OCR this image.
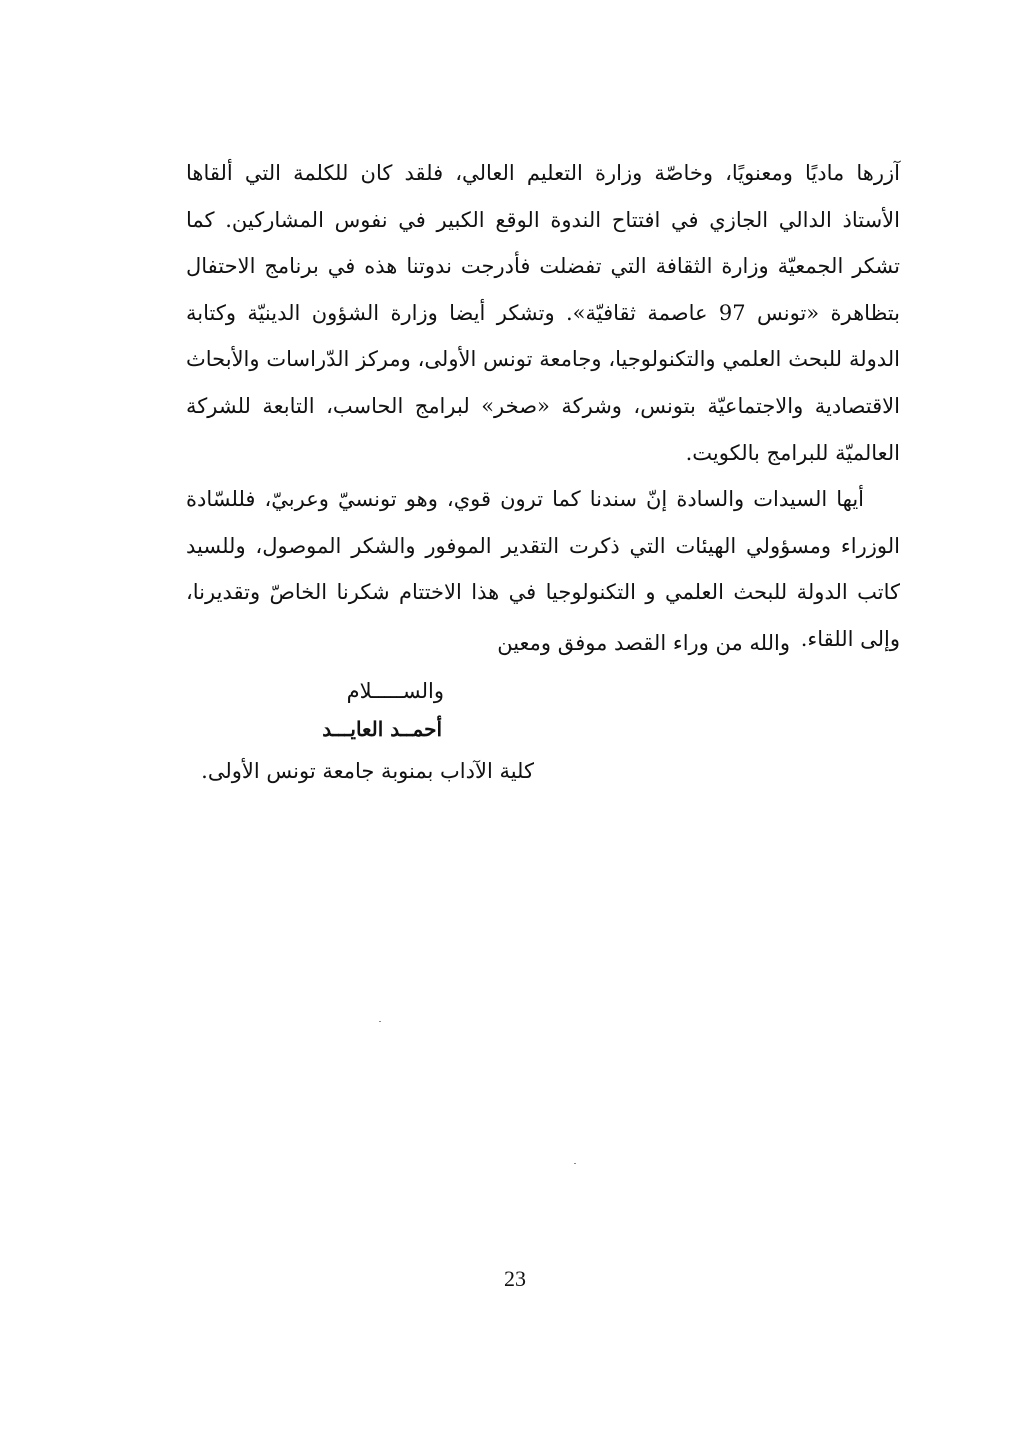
آزرها ماديًا ومعنويًا، وخاصّة وزارة التعليم العالي، فلقد كان للكلمة التي ألقاها الأستاذ الدالي الجازي في افتتاح الندوة الوقع الكبير في نفوس المشاركين. كما تشكر الجمعيّة وزارة الثقافة التي تفضلت فأدرجت ندوتنا هذه في برنامج الاحتفال بتظاهرة «تونس 97 عاصمة ثقافيّة». وتشكر أيضا وزارة الشؤون الدينيّة وكتابة الدولة للبحث العلمي والتكنولوجيا، وجامعة تونس الأولى، ومركز الدّراسات والأبحاث الاقتصادية والاجتماعيّة بتونس، وشركة «صخر» لبرامج الحاسب، التابعة للشركة العالميّة للبرامج بالكويت.

أيها السيدات والسادة إنّ سندنا كما ترون قوي، وهو تونسيّ وعربيّ، فللسّادة الوزراء ومسؤولي الهيئات التي ذكرت التقدير الموفور والشكر الموصول، وللسيد كاتب الدولة للبحث العلمي و التكنولوجيا في هذا الاختتام شكرنا الخاصّ وتقديرنا، وإلى اللقاء.

والله من وراء القصد موفق ومعين
والســـــلام
أحمــد العايـــد
كلية الآداب بمنوبة جامعة تونس الأولى.
23
